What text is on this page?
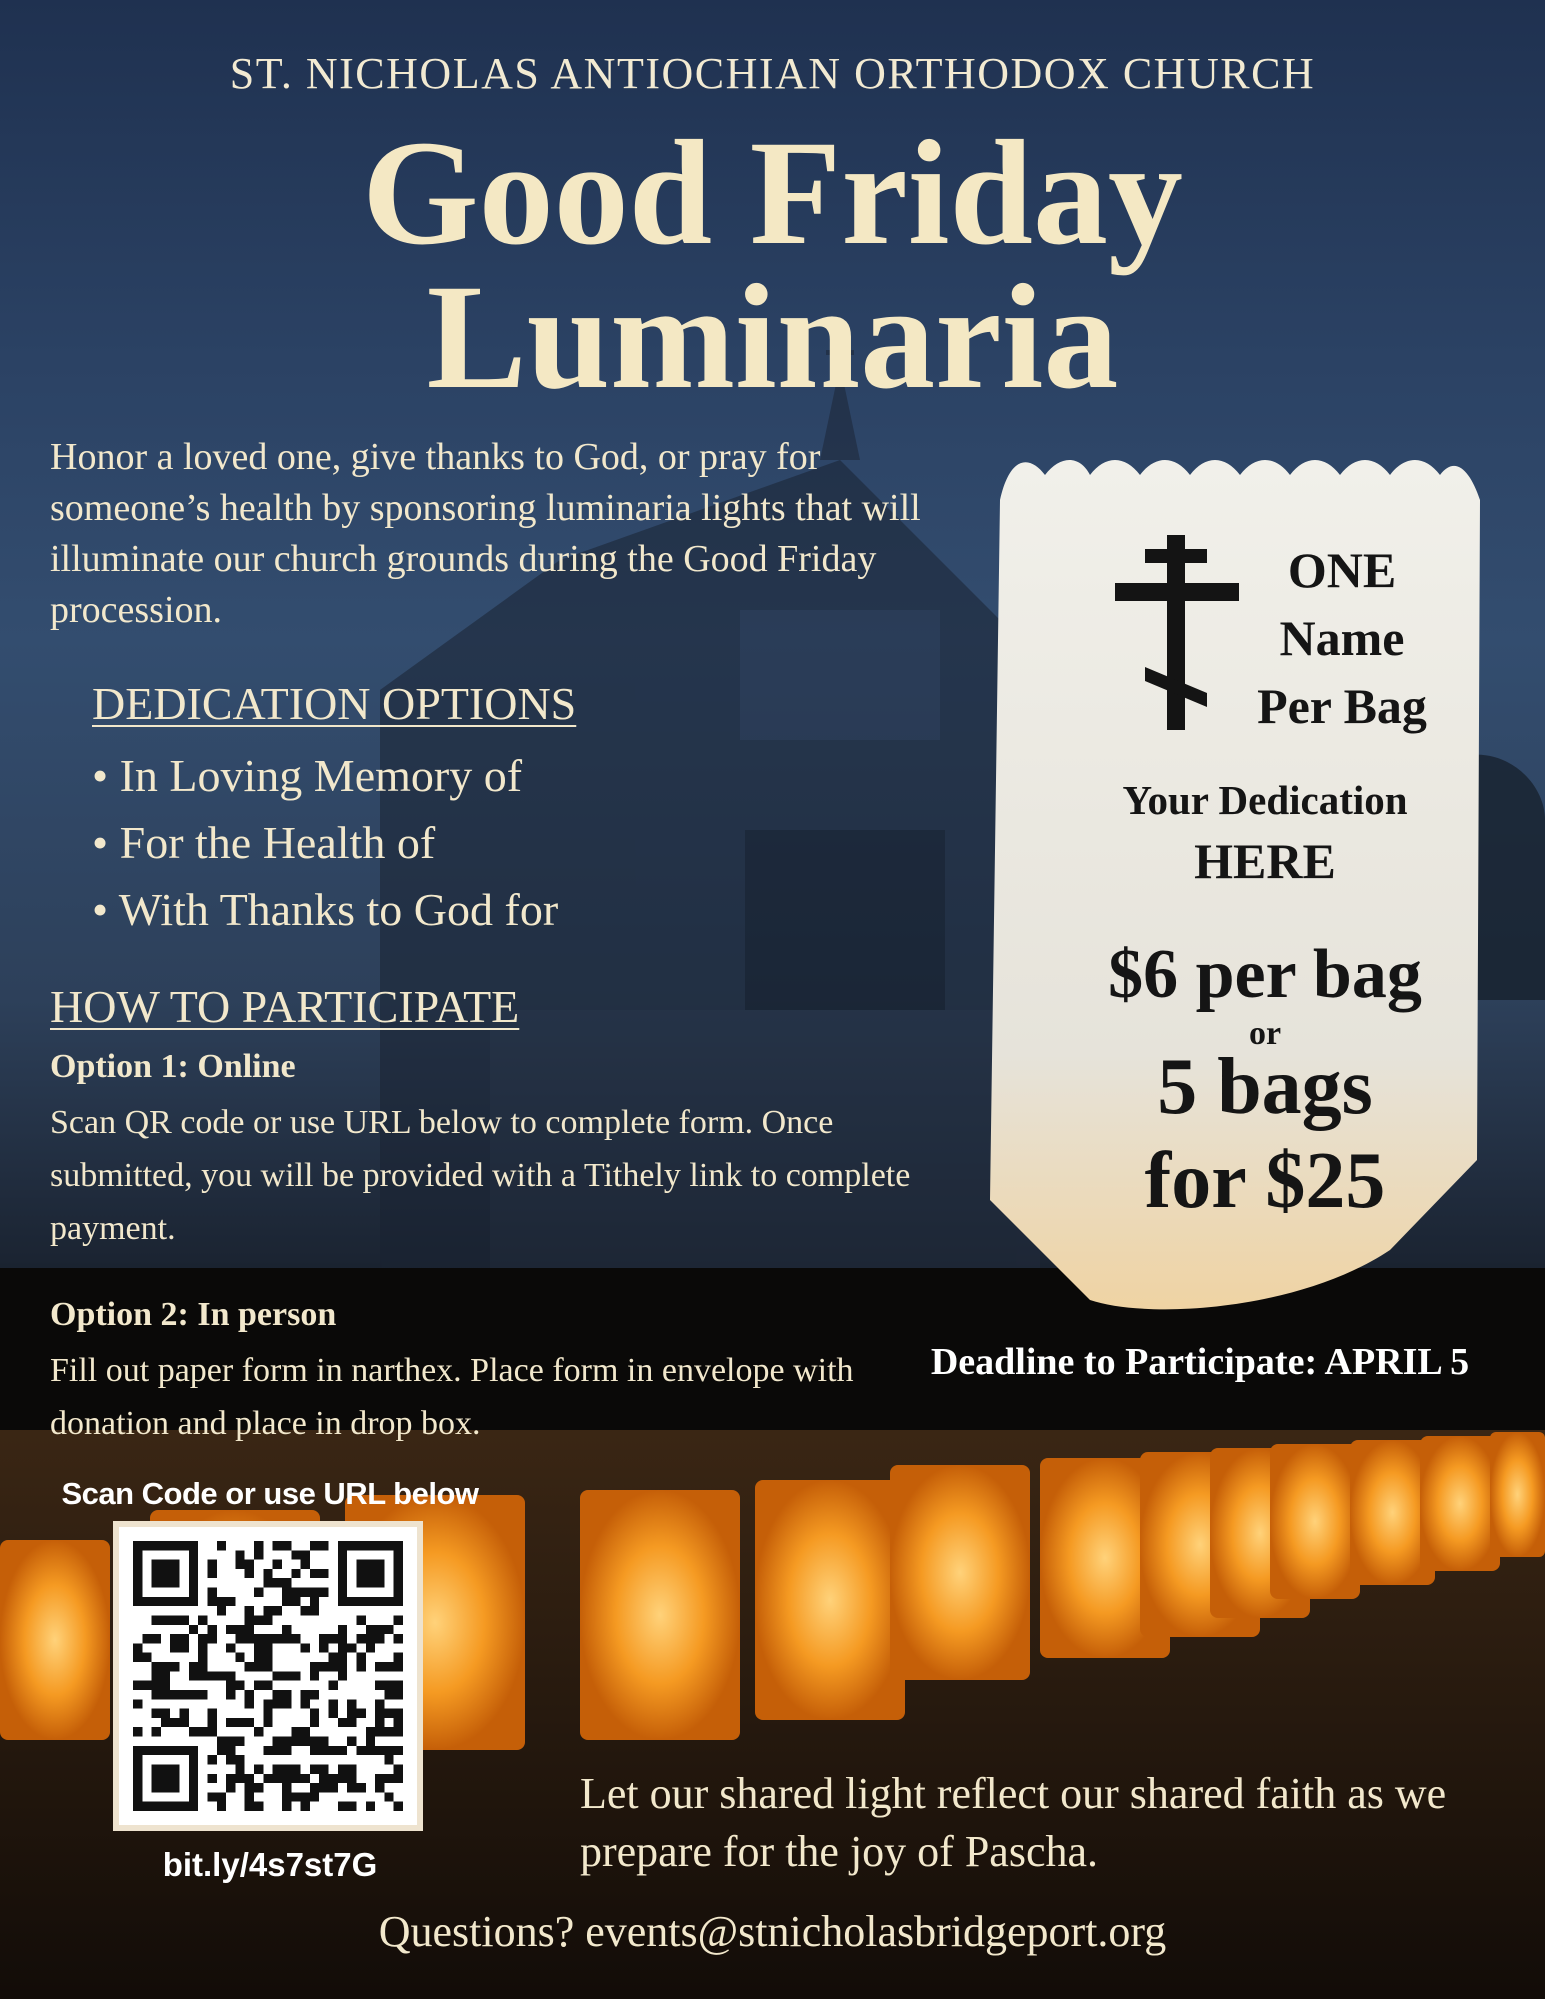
ST. NICHOLAS ANTIOCHIAN ORTHODOX CHURCH
Good Friday
Luminaria
Honor a loved one, give thanks to God, or pray for someone’s health by sponsoring luminaria lights that will illuminate our church grounds during the Good Friday procession.
DEDICATION OPTIONS
• In Loving Memory of
• For the Health of
• With Thanks to God for
HOW TO PARTICIPATE
Option 1: Online
Scan QR code or use URL below to complete form. Once submitted, you will be provided with a Tithely link to complete payment.
Option 2: In person
Fill out paper form in narthex. Place form in envelope with donation and place in drop box.
ONE
Name
Per Bag
Your Dedication
HERE
$6 per bag
or
5 bags
for $25
Deadline to Participate: APRIL 5
Scan Code or use URL below
bit.ly/4s7st7G
Let our shared light reflect our shared faith as we prepare for the joy of Pascha.
Questions? events@stnicholasbridgeport.org
